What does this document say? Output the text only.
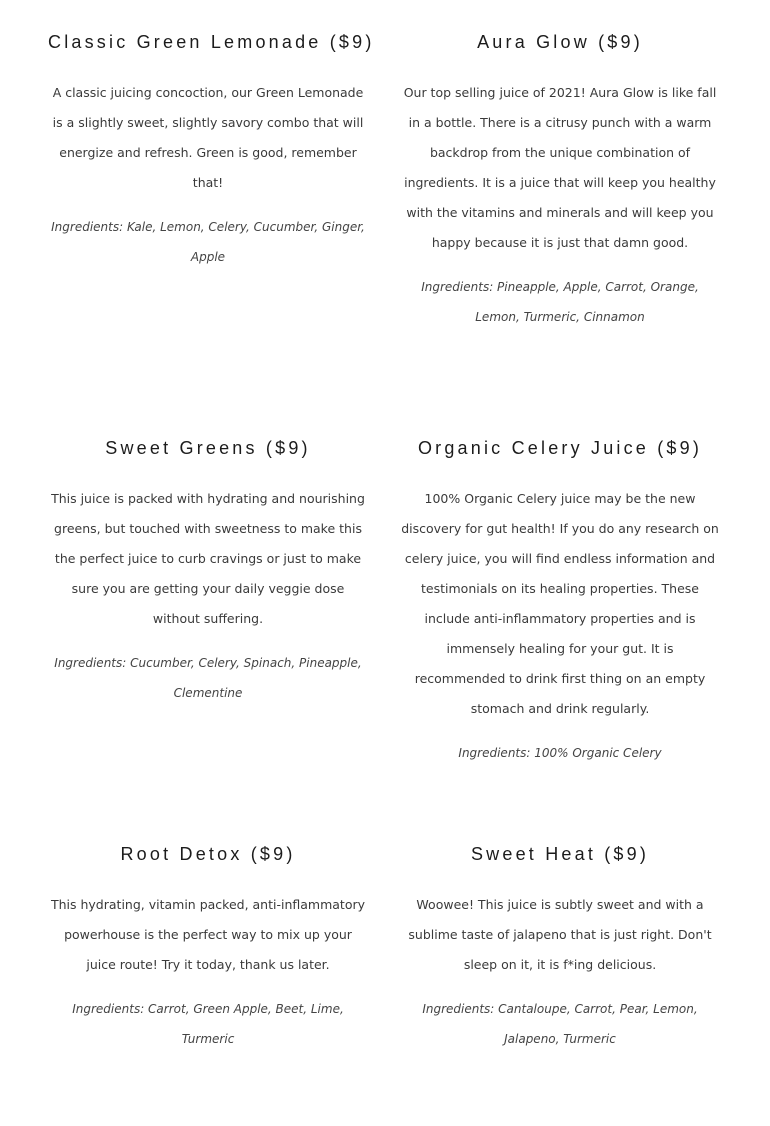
Classic Green Lemonade ($9)

A classic juicing concoction, our Green Lemonade is a slightly sweet, slightly savory combo that will energize and refresh. Green is good, remember that!

Ingredients: Kale, Lemon, Celery, Cucumber, Ginger, Apple

Aura Glow ($9)

Our top selling juice of 2021! Aura Glow is like fall in a bottle. There is a citrusy punch with a warm backdrop from the unique combination of ingredients. It is a juice that will keep you healthy with the vitamins and minerals and will keep you happy because it is just that damn good.

Ingredients: Pineapple, Apple, Carrot, Orange, Lemon, Turmeric, Cinnamon

Sweet Greens ($9)

This juice is packed with hydrating and nourishing greens, but touched with sweetness to make this the perfect juice to curb cravings or just to make sure you are getting your daily veggie dose without suffering.

Ingredients: Cucumber, Celery, Spinach, Pineapple, Clementine

Organic Celery Juice ($9)

100% Organic Celery juice may be the new discovery for gut health! If you do any research on celery juice, you will find endless information and testimonials on its healing properties. These include anti-inflammatory properties and is immensely healing for your gut. It is recommended to drink first thing on an empty stomach and drink regularly.

Ingredients: 100% Organic Celery

Root Detox ($9)

This hydrating, vitamin packed, anti-inflammatory powerhouse is the perfect way to mix up your juice route! Try it today, thank us later.

Ingredients: Carrot, Green Apple, Beet, Lime, Turmeric

Sweet Heat ($9)

Woowee! This juice is subtly sweet and with a sublime taste of jalapeno that is just right. Don't sleep on it, it is f*ing delicious.

Ingredients: Cantaloupe, Carrot, Pear, Lemon, Jalapeno, Turmeric
